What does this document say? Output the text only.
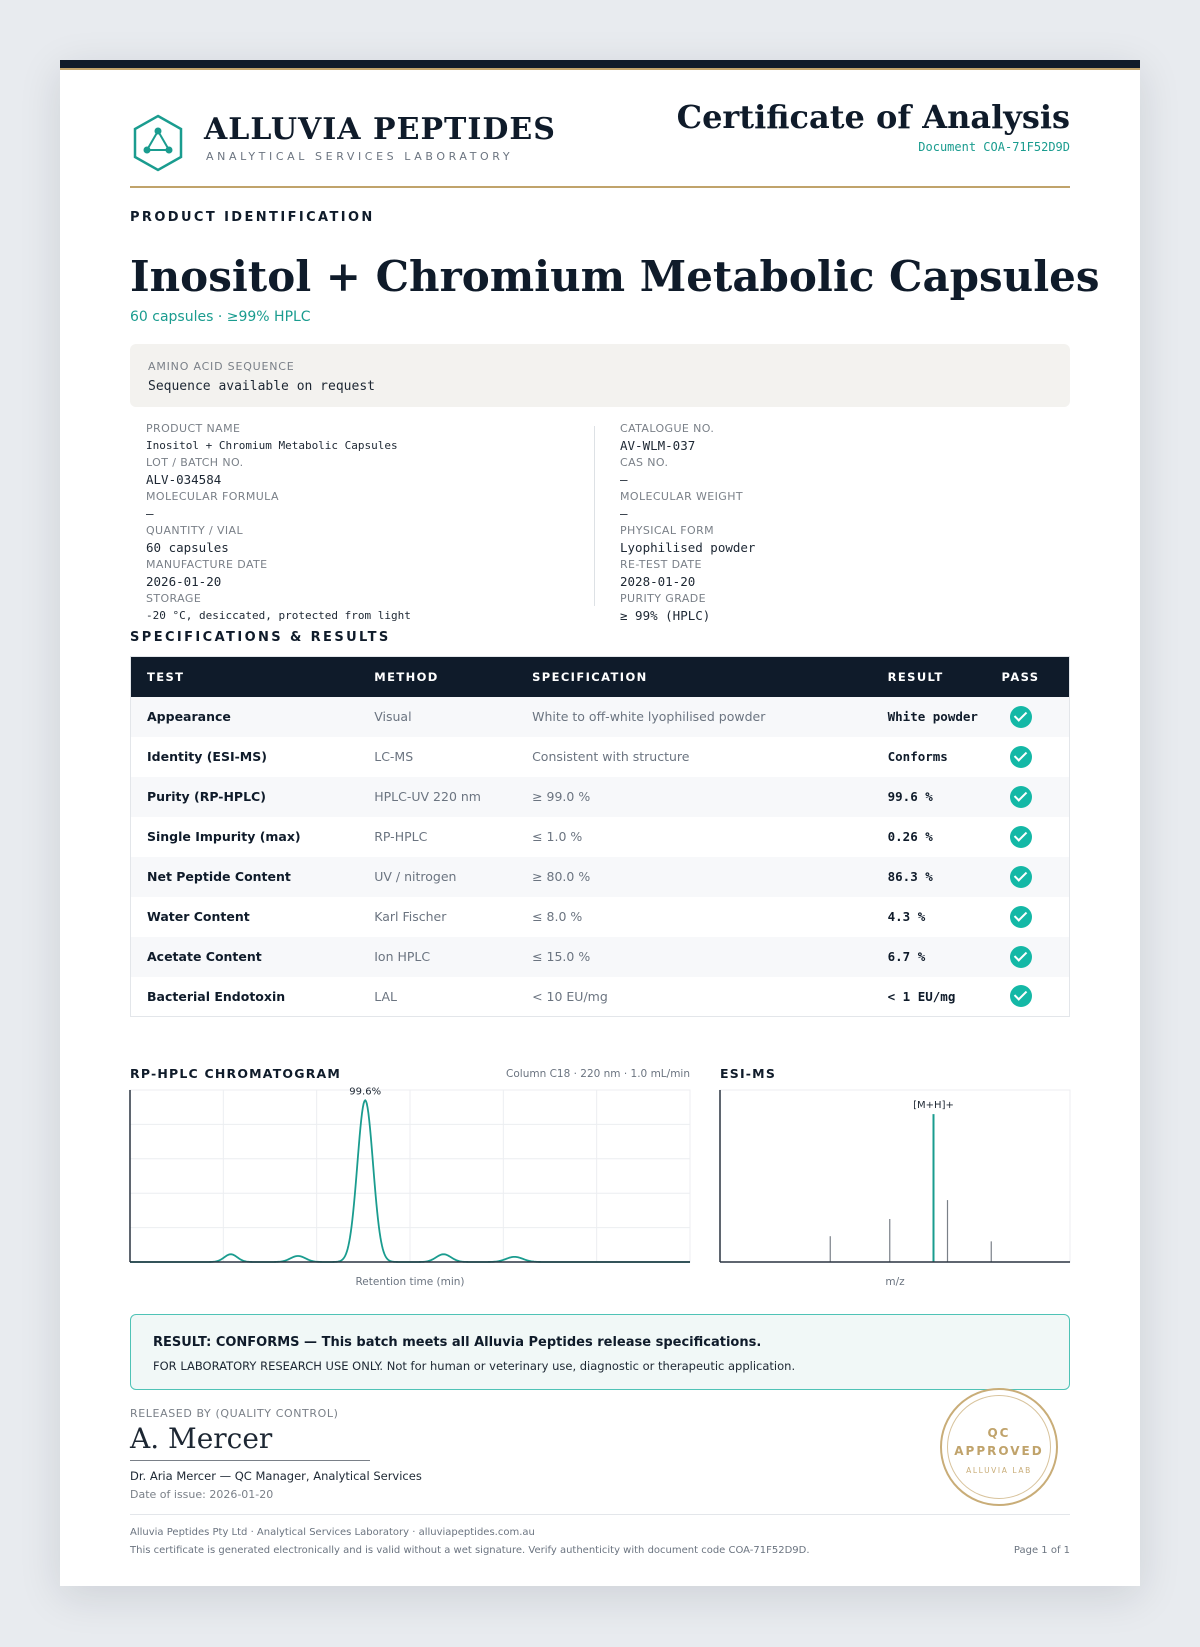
ALLUVIA PEPTIDES
ANALYTICAL SERVICES LABORATORY
Certificate of Analysis
Document COA-71F52D9D
PRODUCT IDENTIFICATION
Inositol + Chromium Metabolic Capsules
60 capsules · ≥99% HPLC
AMINO ACID SEQUENCE
Sequence available on request
PRODUCT NAME
Inositol + Chromium Metabolic Capsules
LOT / BATCH NO.
ALV-034584
MOLECULAR FORMULA
—
QUANTITY / VIAL
60 capsules
MANUFACTURE DATE
2026-01-20
STORAGE
-20 °C, desiccated, protected from light
CATALOGUE NO.
AV-WLM-037
CAS NO.
—
MOLECULAR WEIGHT
—
PHYSICAL FORM
Lyophilised powder
RE-TEST DATE
2028-01-20
PURITY GRADE
≥ 99% (HPLC)
SPECIFICATIONS & RESULTS
TEST	METHOD	SPECIFICATION	RESULT	PASS
Appearance	Visual	White to off-white lyophilised powder	White powder	
Identity (ESI-MS)	LC-MS	Consistent with structure	Conforms	
Purity (RP-HPLC)	HPLC-UV 220 nm	≥ 99.0 %	99.6 %	
Single Impurity (max)	RP-HPLC	≤ 1.0 %	0.26 %	
Net Peptide Content	UV / nitrogen	≥ 80.0 %	86.3 %	
Water Content	Karl Fischer	≤ 8.0 %	4.3 %	
Acetate Content	Ion HPLC	≤ 15.0 %	6.7 %	
Bacterial Endotoxin	LAL	< 10 EU/mg	< 1 EU/mg	
RP-HPLC CHROMATOGRAM	Column C18 · 220 nm · 1.0 mL/min
99.6%
Retention time (min)
ESI-MS
[M+H]+
m/z
RESULT: CONFORMS — This batch meets all Alluvia Peptides release specifications.
FOR LABORATORY RESEARCH USE ONLY. Not for human or veterinary use, diagnostic or therapeutic application.
RELEASED BY (QUALITY CONTROL)
A. Mercer
Dr. Aria Mercer — QC Manager, Analytical Services
Date of issue: 2026-01-20
QC
APPROVED
ALLUVIA LAB
Alluvia Peptides Pty Ltd · Analytical Services Laboratory · alluviapeptides.com.au
This certificate is generated electronically and is valid without a wet signature. Verify authenticity with document code COA-71F52D9D.	Page 1 of 1
